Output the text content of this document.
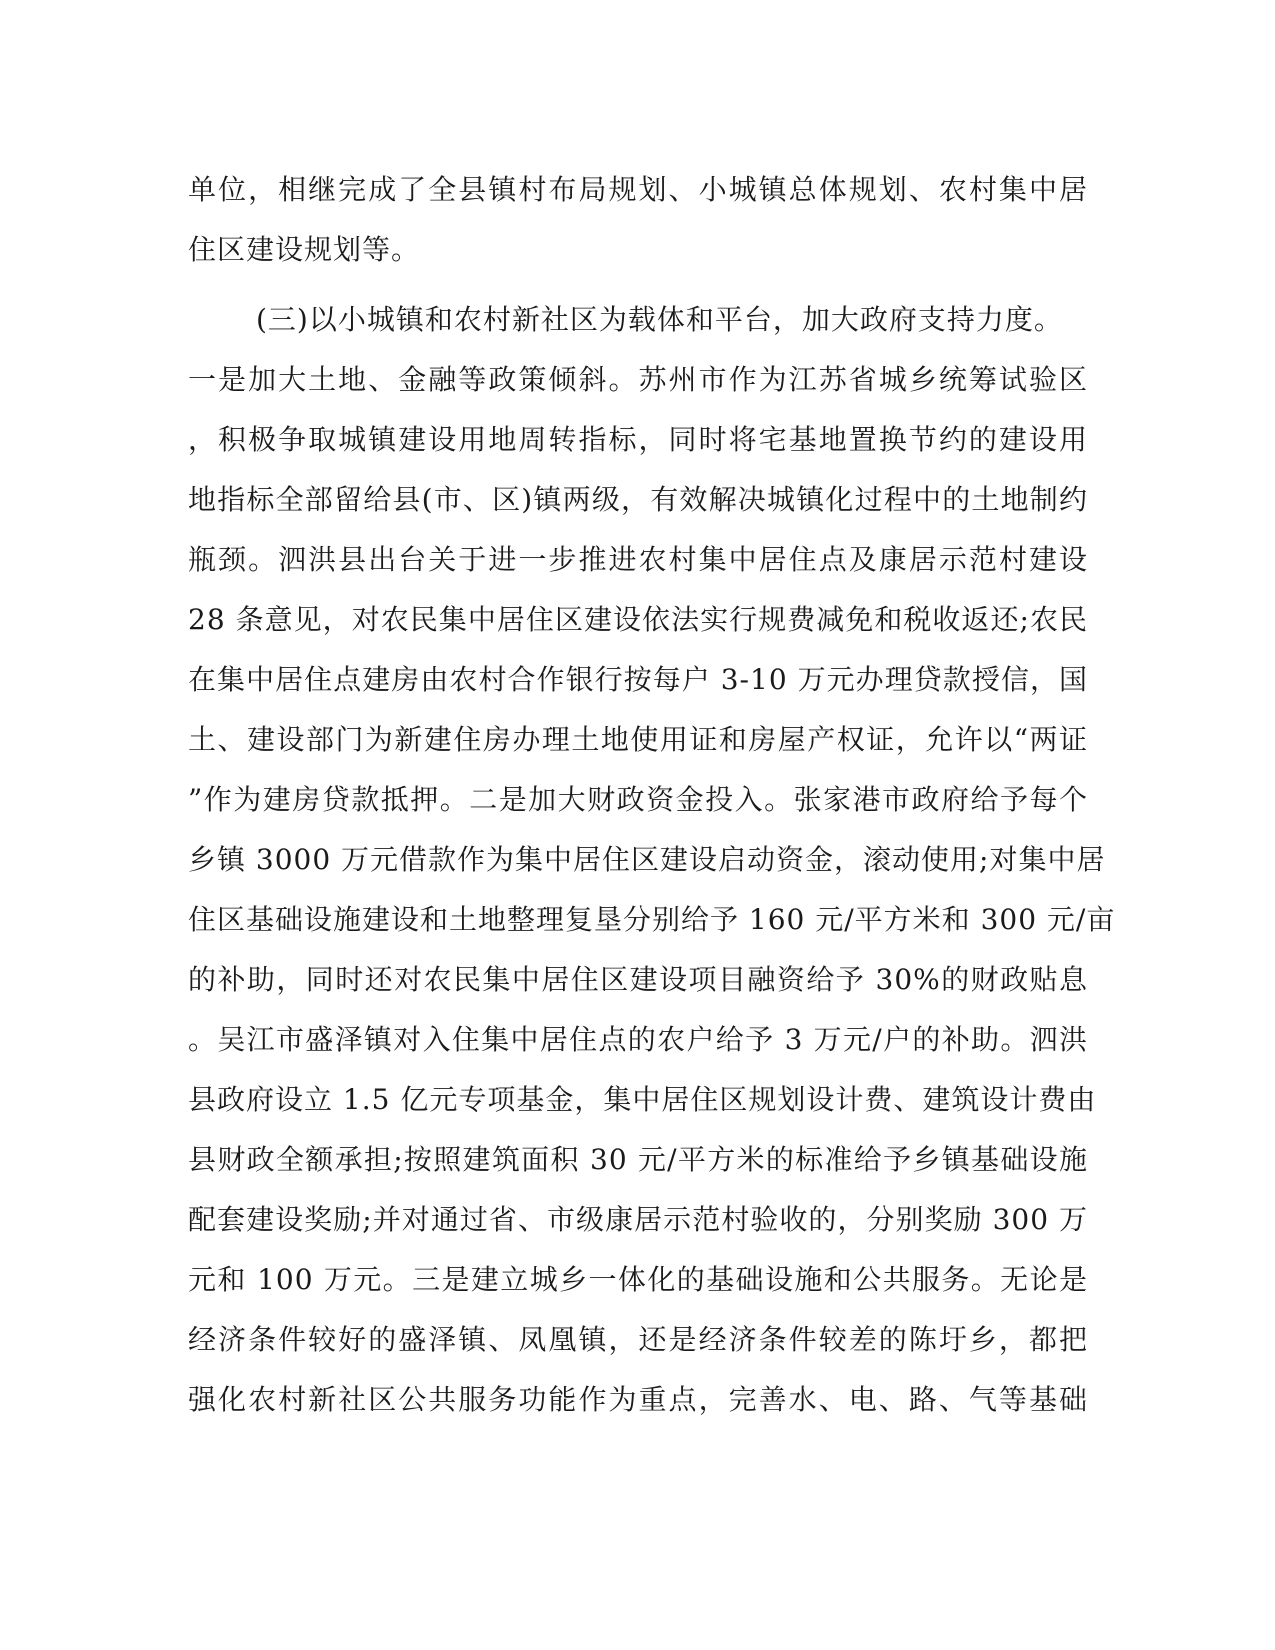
单位，相继完成了全县镇村布局规划、小城镇总体规划、农村集中居
住区建设规划等。
(三)以小城镇和农村新社区为载体和平台，加大政府支持力度。
一是加大土地、金融等政策倾斜。苏州市作为江苏省城乡统筹试验区
，积极争取城镇建设用地周转指标，同时将宅基地置换节约的建设用
地指标全部留给县(市、区)镇两级，有效解决城镇化过程中的土地制约
瓶颈。泗洪县出台关于进一步推进农村集中居住点及康居示范村建设
28 条意见，对农民集中居住区建设依法实行规费减免和税收返还;农民
在集中居住点建房由农村合作银行按每户 3-10 万元办理贷款授信，国
土、建设部门为新建住房办理土地使用证和房屋产权证，允许以“两证
”作为建房贷款抵押。二是加大财政资金投入。张家港市政府给予每个
乡镇 3000 万元借款作为集中居住区建设启动资金，滚动使用;对集中居
住区基础设施建设和土地整理复垦分别给予 160 元/平方米和 300 元/亩
的补助，同时还对农民集中居住区建设项目融资给予 30%的财政贴息
。吴江市盛泽镇对入住集中居住点的农户给予 3 万元/户的补助。泗洪
县政府设立 1.5 亿元专项基金，集中居住区规划设计费、建筑设计费由
县财政全额承担;按照建筑面积 30 元/平方米的标准给予乡镇基础设施
配套建设奖励;并对通过省、市级康居示范村验收的，分别奖励 300 万
元和 100 万元。三是建立城乡一体化的基础设施和公共服务。无论是
经济条件较好的盛泽镇、凤凰镇，还是经济条件较差的陈圩乡，都把
强化农村新社区公共服务功能作为重点，完善水、电、路、气等基础
